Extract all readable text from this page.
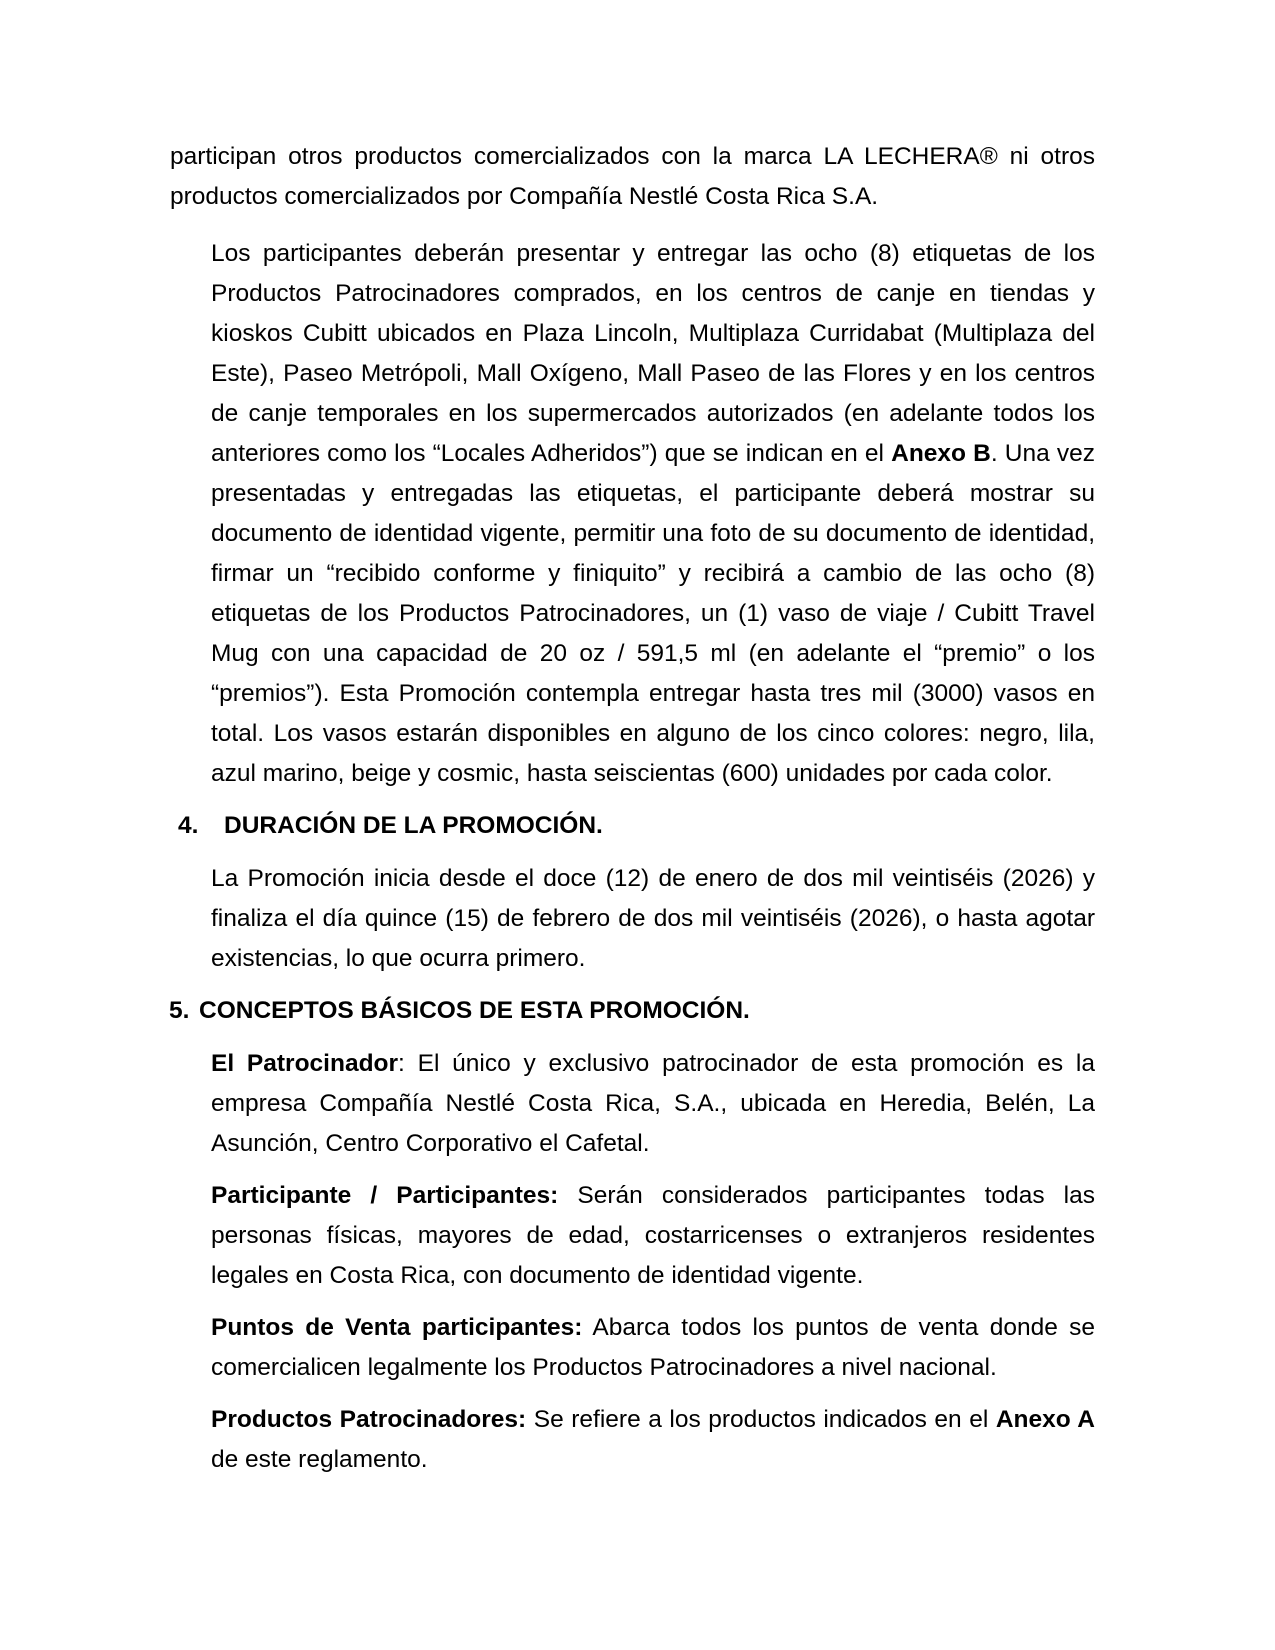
participan otros productos comercializados con la marca LA LECHERA® ni otros productos comercializados por Compañía Nestlé Costa Rica S.A.
Los participantes deberán presentar y entregar las ocho (8) etiquetas de los Productos Patrocinadores comprados, en los centros de canje en tiendas y kioskos Cubitt ubicados en Plaza Lincoln, Multiplaza Curridabat (Multiplaza del Este), Paseo Metrópoli, Mall Oxígeno, Mall Paseo de las Flores y en los centros de canje temporales en los supermercados autorizados (en adelante todos los anteriores como los “Locales Adheridos”) que se indican en el Anexo B. Una vez presentadas y entregadas las etiquetas, el participante deberá mostrar su documento de identidad vigente, permitir una foto de su documento de identidad, firmar un “recibido conforme y finiquito” y recibirá a cambio de las ocho (8) etiquetas de los Productos Patrocinadores, un (1) vaso de viaje / Cubitt Travel Mug con una capacidad de 20 oz / 591,5 ml (en adelante el “premio” o los “premios”). Esta Promoción contempla entregar hasta tres mil (3000) vasos en total. Los vasos estarán disponibles en alguno de los cinco colores: negro, lila, azul marino, beige y cosmic, hasta seiscientas (600) unidades por cada color.
4.	DURACIÓN DE LA PROMOCIÓN.
La Promoción inicia desde el doce (12) de enero de dos mil veintiséis (2026) y finaliza el día quince (15) de febrero de dos mil veintiséis (2026), o hasta agotar existencias, lo que ocurra primero.
5. CONCEPTOS BÁSICOS DE ESTA PROMOCIÓN.
El Patrocinador: El único y exclusivo patrocinador de esta promoción es la empresa Compañía Nestlé Costa Rica, S.A., ubicada en Heredia, Belén, La Asunción, Centro Corporativo el Cafetal.
Participante / Participantes: Serán considerados participantes todas las personas físicas, mayores de edad, costarricenses o extranjeros residentes legales en Costa Rica, con documento de identidad vigente.
Puntos de Venta participantes: Abarca todos los puntos de venta donde se comercialicen legalmente los Productos Patrocinadores a nivel nacional.
Productos Patrocinadores: Se refiere a los productos indicados en el Anexo A de este reglamento.
